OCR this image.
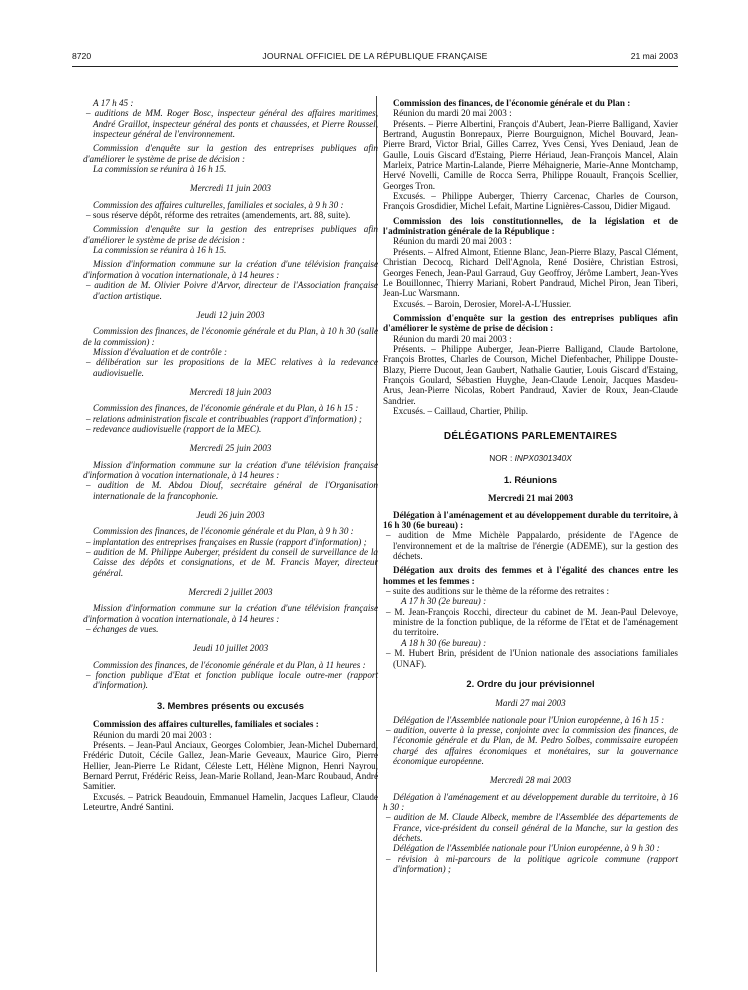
8720	JOURNAL OFFICIEL DE LA RÉPUBLIQUE FRANÇAISE	21 mai 2003

A 17 h 45 :

– auditions de MM. Roger Bosc, inspecteur général des affaires maritimes, André Graillot, inspecteur général des ponts et chaussées, et Pierre Roussel, inspecteur général de l'environnement.

Commission d'enquête sur la gestion des entreprises publiques afin d'améliorer le système de prise de décision :

La commission se réunira à 16 h 15.

Mercredi 11 juin 2003

Commission des affaires culturelles, familiales et sociales, à 9 h 30 :

– sous réserve dépôt, réforme des retraites (amendements, art. 88, suite).

Commission d'enquête sur la gestion des entreprises publiques afin d'améliorer le système de prise de décision :

La commission se réunira à 16 h 15.

Mission d'information commune sur la création d'une télévision française d'information à vocation internationale, à 14 heures :

– audition de M. Olivier Poivre d'Arvor, directeur de l'Association française d'action artistique.

Jeudi 12 juin 2003

Commission des finances, de l'économie générale et du Plan, à 10 h 30 (salle de la commission) :

Mission d'évaluation et de contrôle :

– délibération sur les propositions de la MEC relatives à la redevance audiovisuelle.

Mercredi 18 juin 2003

Commission des finances, de l'économie générale et du Plan, à 16 h 15 :

– relations administration fiscale et contribuables (rapport d'information) ;

– redevance audiovisuelle (rapport de la MEC).

Mercredi 25 juin 2003

Mission d'information commune sur la création d'une télévision française d'information à vocation internationale, à 14 heures :

– audition de M. Abdou Diouf, secrétaire général de l'Organisation internationale de la francophonie.

Jeudi 26 juin 2003

Commission des finances, de l'économie générale et du Plan, à 9 h 30 :

– implantation des entreprises françaises en Russie (rapport d'information) ;

– audition de M. Philippe Auberger, président du conseil de surveillance de la Caisse des dépôts et consignations, et de M. Francis Mayer, directeur général.

Mercredi 2 juillet 2003

Mission d'information commune sur la création d'une télévision française d'information à vocation internationale, à 14 heures :

– échanges de vues.

Jeudi 10 juillet 2003

Commission des finances, de l'économie générale et du Plan, à 11 heures :

– fonction publique d'Etat et fonction publique locale outre-mer (rapport d'information).

3. Membres présents ou excusés

Commission des affaires culturelles, familiales et sociales :

Réunion du mardi 20 mai 2003 :

Présents. – Jean-Paul Anciaux, Georges Colombier, Jean-Michel Dubernard, Frédéric Dutoit, Cécile Gallez, Jean-Marie Geveaux, Maurice Giro, Pierre Hellier, Jean-Pierre Le Ridant, Céleste Lett, Hélène Mignon, Henri Nayrou, Bernard Perrut, Frédéric Reiss, Jean-Marie Rolland, Jean-Marc Roubaud, André Samitier.

Excusés. – Patrick Beaudouin, Emmanuel Hamelin, Jacques Lafleur, Claude Leteurtre, André Santini.

Commission des finances, de l'économie générale et du Plan :

Réunion du mardi 20 mai 2003 :

Présents. – Pierre Albertini, François d'Aubert, Jean-Pierre Balligand, Xavier Bertrand, Augustin Bonrepaux, Pierre Bourguignon, Michel Bouvard, Jean-Pierre Brard, Victor Brial, Gilles Carrez, Yves Censi, Yves Deniaud, Jean de Gaulle, Louis Giscard d'Estaing, Pierre Hériaud, Jean-François Mancel, Alain Marleix, Patrice Martin-Lalande, Pierre Méhaignerie, Marie-Anne Montchamp, Hervé Novelli, Camille de Rocca Serra, Philippe Rouault, François Scellier, Georges Tron.

Excusés. – Philippe Auberger, Thierry Carcenac, Charles de Courson, François Grosdidier, Michel Lefait, Martine Lignières-Cassou, Didier Migaud.

Commission des lois constitutionnelles, de la législation et de l'administration générale de la République :

Réunion du mardi 20 mai 2003 :

Présents. – Alfred Almont, Etienne Blanc, Jean-Pierre Blazy, Pascal Clément, Christian Decocq, Richard Dell'Agnola, René Dosière, Christian Estrosi, Georges Fenech, Jean-Paul Garraud, Guy Geoffroy, Jérôme Lambert, Jean-Yves Le Bouillonnec, Thierry Mariani, Robert Pandraud, Michel Piron, Jean Tiberi, Jean-Luc Warsmann.

Excusés. – Baroin, Derosier, Morel-A-L'Hussier.

Commission d'enquête sur la gestion des entreprises publiques afin d'améliorer le système de prise de décision :

Réunion du mardi 20 mai 2003 :

Présents. – Philippe Auberger, Jean-Pierre Balligand, Claude Bartolone, François Brottes, Charles de Courson, Michel Diefenbacher, Philippe Douste-Blazy, Pierre Ducout, Jean Gaubert, Nathalie Gautier, Louis Giscard d'Estaing, François Goulard, Sébastien Huyghe, Jean-Claude Lenoir, Jacques Masdeu-Arus, Jean-Pierre Nicolas, Robert Pandraud, Xavier de Roux, Jean-Claude Sandrier.

Excusés. – Caillaud, Chartier, Philip.

DÉLÉGATIONS PARLEMENTAIRES

NOR : INPX0301340X

1. Réunions

Mercredi 21 mai 2003

Délégation à l'aménagement et au développement durable du territoire, à 16 h 30 (6e bureau) :

– audition de Mme Michèle Pappalardo, présidente de l'Agence de l'environnement et de la maîtrise de l'énergie (ADEME), sur la gestion des déchets.

Délégation aux droits des femmes et à l'égalité des chances entre les hommes et les femmes :

– suite des auditions sur le thème de la réforme des retraites :

A 17 h 30 (2e bureau) :

– M. Jean-François Rocchi, directeur du cabinet de M. Jean-Paul Delevoye, ministre de la fonction publique, de la réforme de l'Etat et de l'aménagement du territoire.

A 18 h 30 (6e bureau) :

– M. Hubert Brin, président de l'Union nationale des associations familiales (UNAF).

2. Ordre du jour prévisionnel

Mardi 27 mai 2003

Délégation de l'Assemblée nationale pour l'Union européenne, à 16 h 15 :

– audition, ouverte à la presse, conjointe avec la commission des finances, de l'économie générale et du Plan, de M. Pedro Solbes, commissaire européen chargé des affaires économiques et monétaires, sur la gouvernance économique européenne.

Mercredi 28 mai 2003

Délégation à l'aménagement et au développement durable du territoire, à 16 h 30 :

– audition de M. Claude Albeck, membre de l'Assemblée des départements de France, vice-président du conseil général de la Manche, sur la gestion des déchets.

Délégation de l'Assemblée nationale pour l'Union européenne, à 9 h 30 :

– révision à mi-parcours de la politique agricole commune (rapport d'information) ;
